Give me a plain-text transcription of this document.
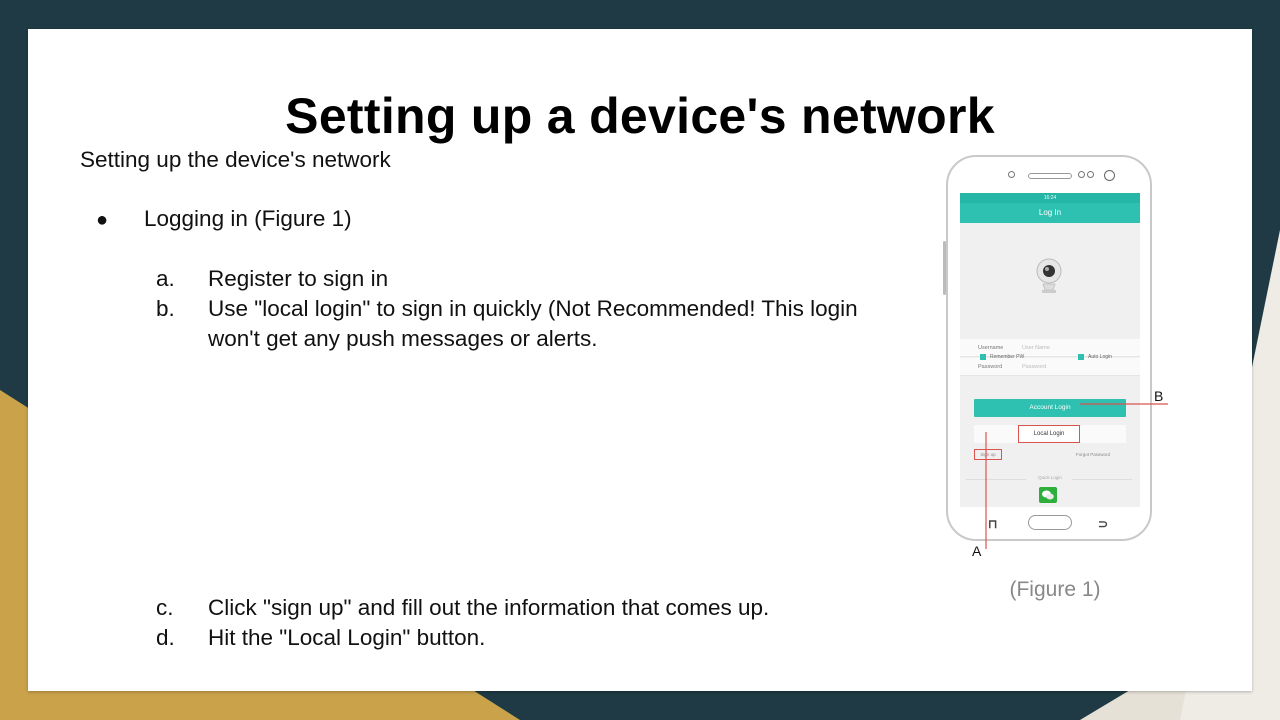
Setting up a device's network
Setting up the device's network
● Logging in (Figure 1)
a.	Register to sign in
b.	Use "local login" to sign in quickly (Not Recommended! This login won't get any push messages or alerts.
c.	Click "sign up" and fill out the information that comes up.
d.	Hit the "Local Login" button.
16:24
Log In
Username	User Name
Password	Password
Account Login
Remember PW	Auto Login
Local Login
Sign up	Forgot Password
Quick Login
⊓	⊃
B
A
(Figure 1)
